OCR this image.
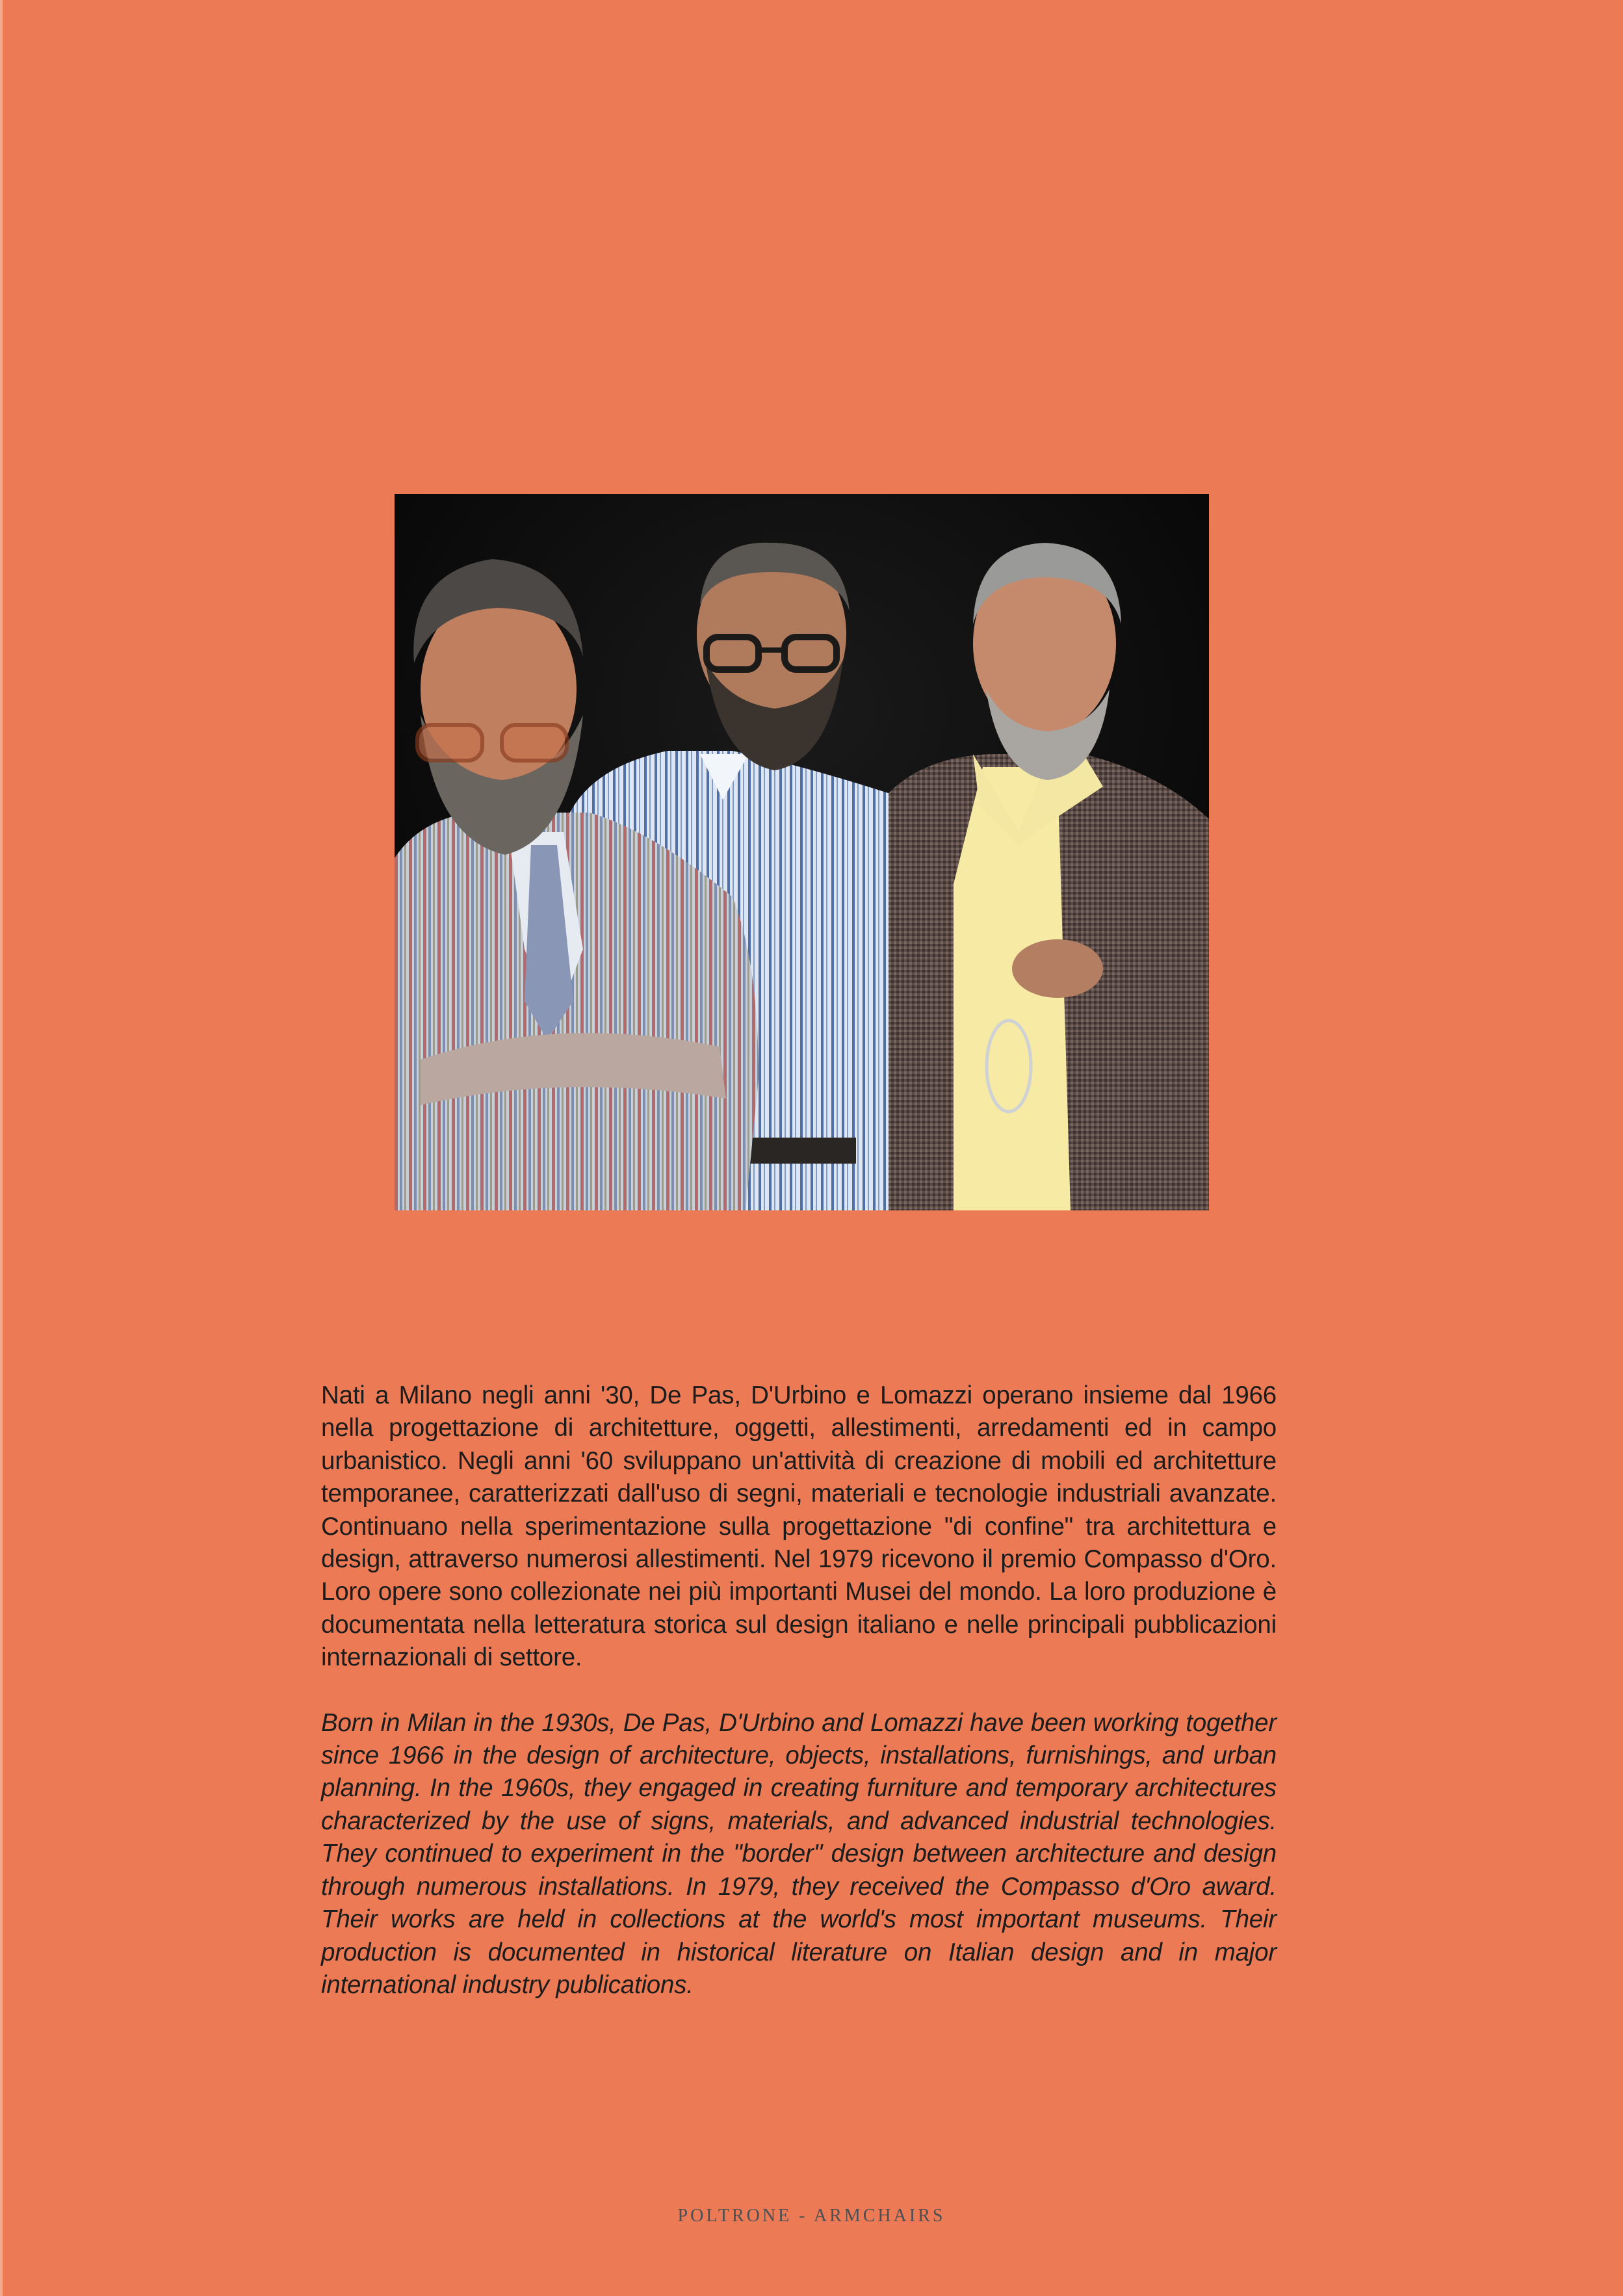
Nati a Milano negli anni '30, De Pas, D'Urbino e Lomazzi operano insieme dal 1966 nella progettazione di architetture, oggetti, allestimenti, arredamenti ed in campo urbanistico. Negli anni '60 sviluppano un'attività di creazione di mobili ed architetture temporanee, caratterizzati dall'uso di segni, materiali e tecnologie industriali avanzate. Continuano nella sperimentazione sulla progettazione "di confine" tra architettura e design, attraverso numerosi allestimenti. Nel 1979 ricevono il premio Compasso d'Oro. Loro opere sono collezionate nei più importanti Musei del mondo. La loro produzione è documentata nella letteratura storica sul design italiano e nelle principali pubblicazioni internazionali di settore.

Born in Milan in the 1930s, De Pas, D'Urbino and Lomazzi have been working together since 1966 in the design of architecture, objects, installations, furnishings, and urban planning. In the 1960s, they engaged in creating furniture and temporary architectures characterized by the use of signs, materials, and advanced industrial technologies. They continued to experiment in the "border" design between architecture and design through numerous installations. In 1979, they received the Compasso d'Oro award. Their works are held in collections at the world's most important museums. Their production is documented in historical literature on Italian design and in major international industry publications.

POLTRONE - ARMCHAIRS
